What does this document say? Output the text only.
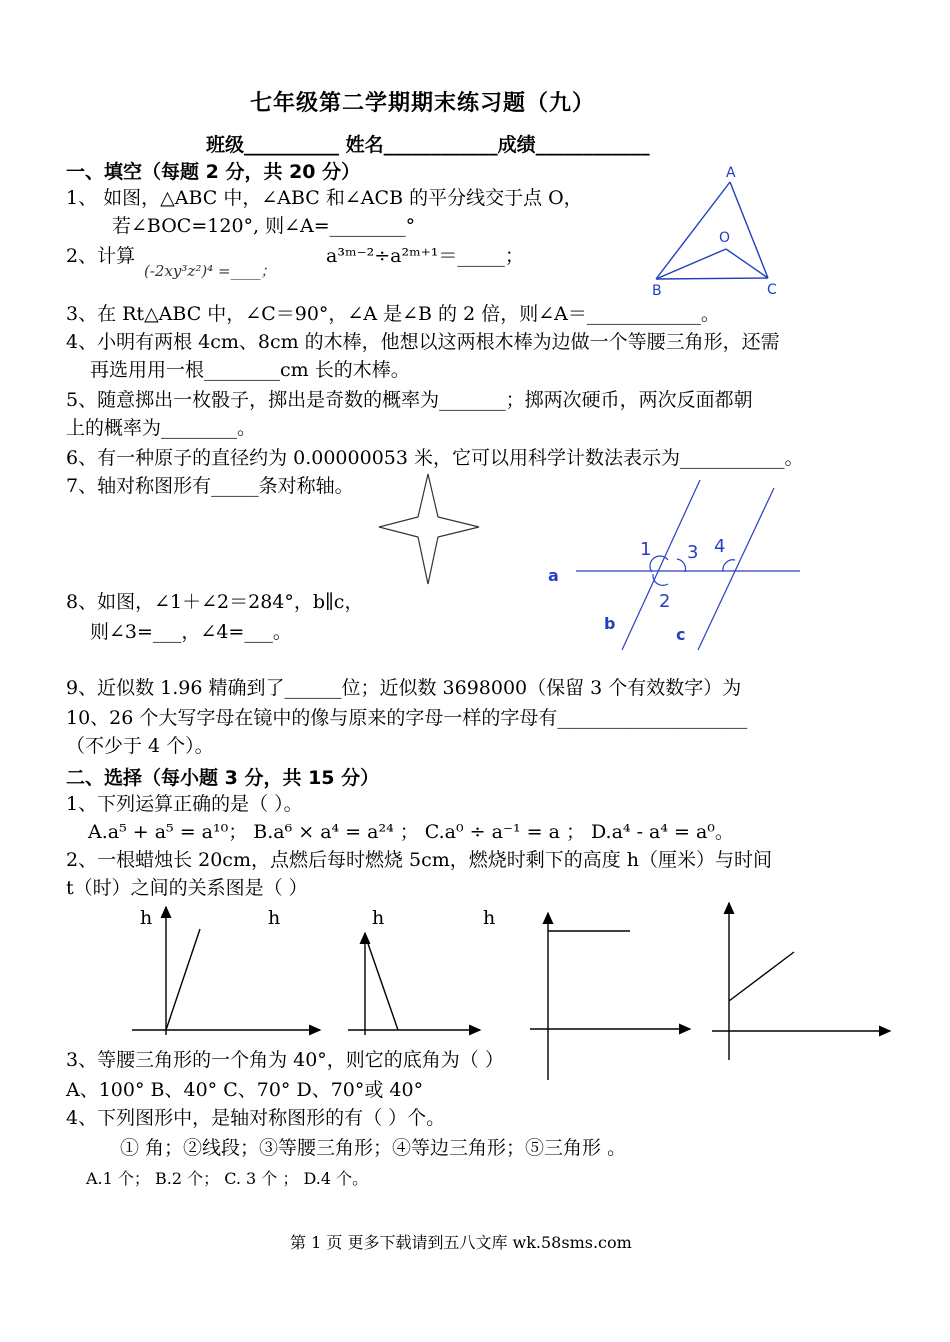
七年级第二学期期末练习题（九）
班级__________ 姓名____________成绩____________
一、填空（每题 2 分，共 20 分）
1、 如图，△ABC 中，∠ABC 和∠ACB 的平分线交于点 O，
若∠BOC=120°, 则∠A=________°
2、计算
(-2xy³z²)⁴ =____；
a³ᵐ⁻²÷a²ᵐ⁺¹＝_____；
A
O
B	C
3、在 Rt△ABC 中，∠C＝90°，∠A 是∠B 的 2 倍，则∠A＝____________。
4、小明有两根 4cm、8cm 的木棒，他想以这两根木棒为边做一个等腰三角形，还需
再选用用一根________cm 长的木棒。
5、随意掷出一枚骰子，掷出是奇数的概率为_______；掷两次硬币，两次反面都朝
上的概率为________。
6、有一种原子的直径约为 0.00000053 米，它可以用科学计数法表示为___________。
7、轴对称图形有_____条对称轴。
1 3 4
2
a
b
c
8、如图，∠1＋∠2＝284°，b∥c，
则∠3=___，∠4=___。
9、近似数 1.96 精确到了______位；近似数 3698000（保留 3 个有效数字）为
10、26 个大写字母在镜中的像与原来的字母一样的字母有____________________
（不少于 4 个）。
二、选择（每小题 3 分，共 15 分）
1、下列运算正确的是（ ）。
A.a⁵ + a⁵ = a¹⁰； B.a⁶ × a⁴ = a²⁴ ； C.a⁰ ÷ a⁻¹ = a ； D.a⁴ - a⁴ = a⁰。
2、一根蜡烛长 20cm，点燃后每时燃烧 5cm，燃烧时剩下的高度 h（厘米）与时间
t（时）之间的关系图是（ ）
h	h	h	h
3、等腰三角形的一个角为 40°，则它的底角为（ ）
A、100° B、40° C、70° D、70°或 40°
4、下列图形中，是轴对称图形的有（ ）个。
① 角；②线段；③等腰三角形；④等边三角形；⑤三角形 。
A.1 个； B.2 个； C. 3 个 ； D.4 个。
第 1 页 更多下载请到五八文库 wk.58sms.com
